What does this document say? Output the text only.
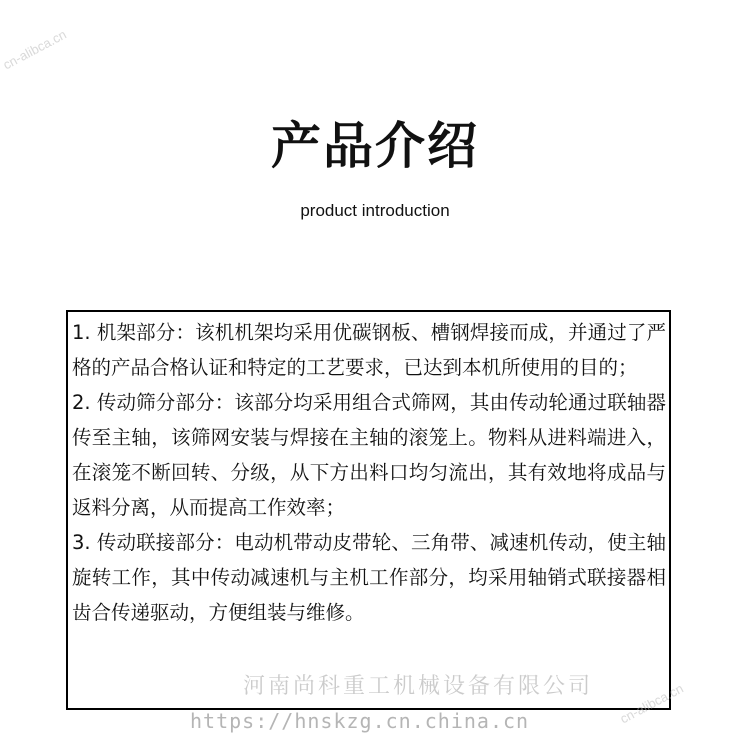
cn-alibca.cn
产品介绍
product introduction

1. 机架部分：该机机架均采用优碳钢板、槽钢焊接而成，并通过了严格的产品合格认证和特定的工艺要求，已达到本机所使用的目的；

2. 传动筛分部分：该部分均采用组合式筛网，其由传动轮通过联轴器传至主轴，该筛网安装与焊接在主轴的滚笼上。物料从进料端进入，在滚笼不断回转、分级，从下方出料口均匀流出，其有效地将成品与返料分离，从而提高工作效率；

3. 传动联接部分：电动机带动皮带轮、三角带、减速机传动，使主轴旋转工作，其中传动减速机与主机工作部分，均采用轴销式联接器相齿合传递驱动，方便组装与维修。

河南尚科重工机械设备有限公司
https://hnskzg.cn.china.cn	cn-alibca.cn
